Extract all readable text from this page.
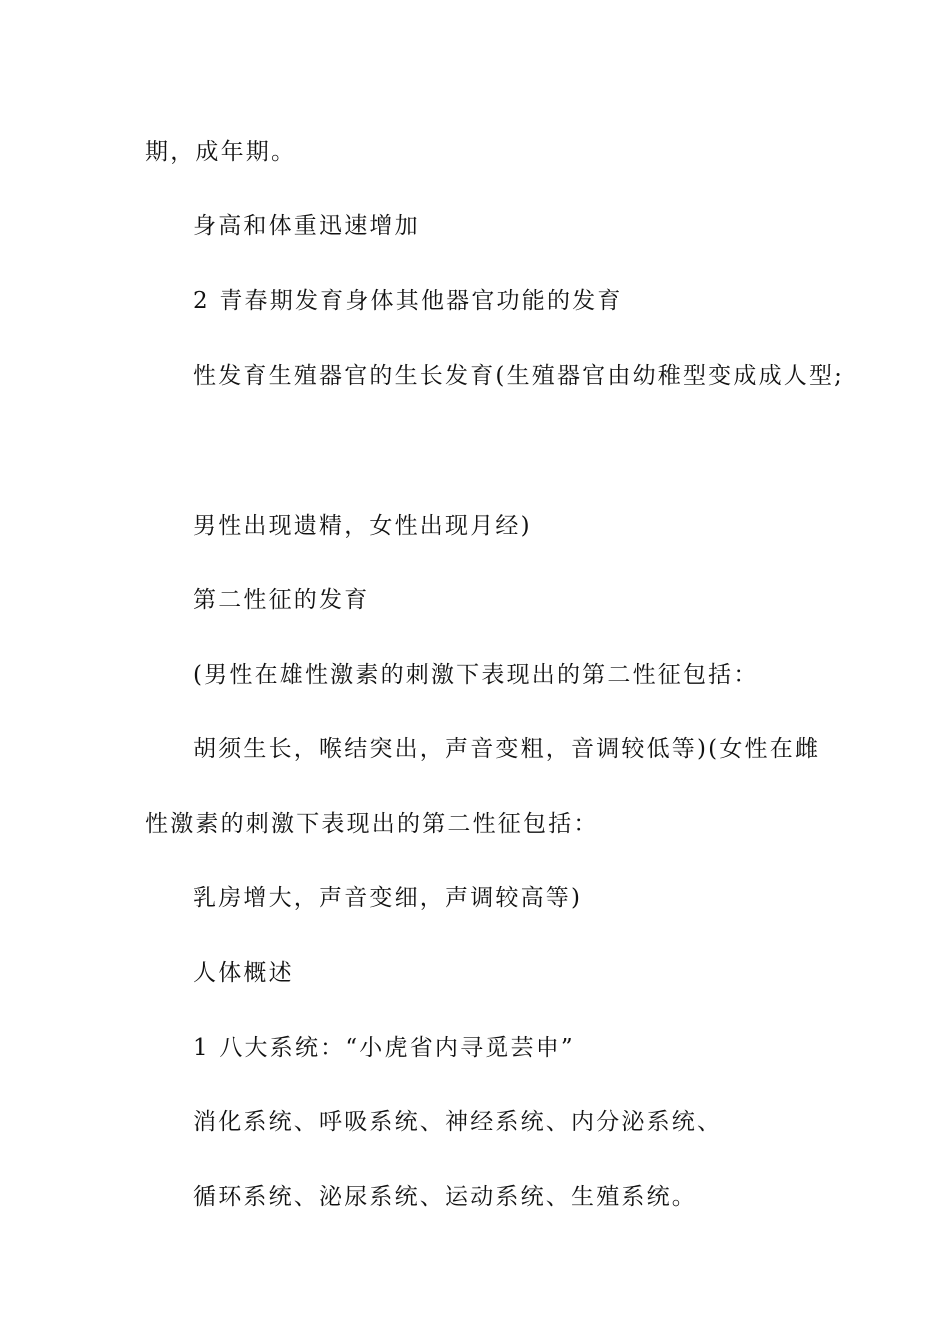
期，成年期。

身高和体重迅速增加

2 青春期发育身体其他器官功能的发育

性发育生殖器官的生长发育(生殖器官由幼稚型变成成人型;

男性出现遗精，女性出现月经)

第二性征的发育

(男性在雄性激素的刺激下表现出的第二性征包括：

胡须生长，喉结突出，声音变粗，音调较低等)(女性在雌

性激素的刺激下表现出的第二性征包括：

乳房增大，声音变细，声调较高等)

人体概述

1 八大系统：“小虎省内寻觅芸申”

消化系统、呼吸系统、神经系统、内分泌系统、

循环系统、泌尿系统、运动系统、生殖系统。
